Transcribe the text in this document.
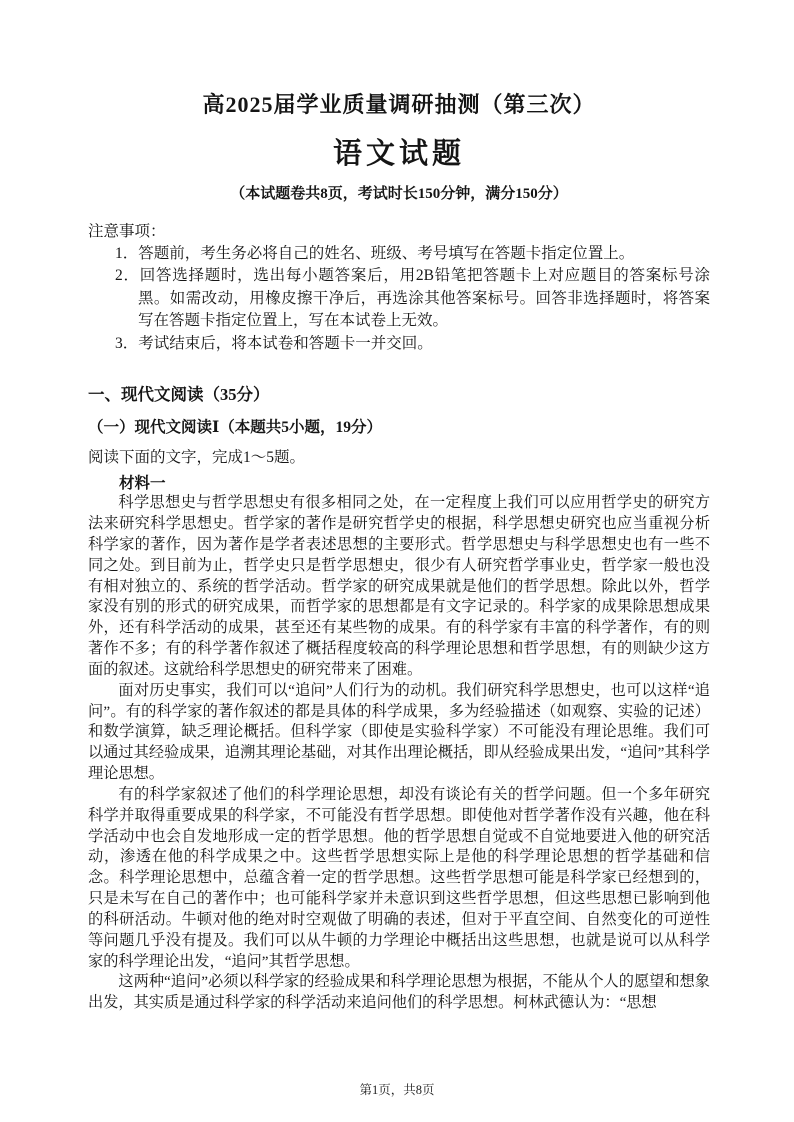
高2025届学业质量调研抽测（第三次）
语文试题
（本试题卷共8页，考试时长150分钟，满分150分）
注意事项：
1．答题前，考生务必将自己的姓名、班级、考号填写在答题卡指定位置上。
2．回答选择题时，选出每小题答案后，用2B铅笔把答题卡上对应题目的答案标号涂黑。如需改动，用橡皮擦干净后，再选涂其他答案标号。回答非选择题时，将答案写在答题卡指定位置上，写在本试卷上无效。
3．考试结束后，将本试卷和答题卡一并交回。
一、现代文阅读（35分）
（一）现代文阅读Ⅰ（本题共5小题，19分）
阅读下面的文字，完成1～5题。
材料一

科学思想史与哲学思想史有很多相同之处，在一定程度上我们可以应用哲学史的研究方法来研究科学思想史。哲学家的著作是研究哲学史的根据，科学思想史研究也应当重视分析科学家的著作，因为著作是学者表述思想的主要形式。哲学思想史与科学思想史也有一些不同之处。到目前为止，哲学史只是哲学思想史，很少有人研究哲学事业史，哲学家一般也没有相对独立的、系统的哲学活动。哲学家的研究成果就是他们的哲学思想。除此以外，哲学家没有别的形式的研究成果，而哲学家的思想都是有文字记录的。科学家的成果除思想成果外，还有科学活动的成果，甚至还有某些物的成果。有的科学家有丰富的科学著作，有的则著作不多；有的科学著作叙述了概括程度较高的科学理论思想和哲学思想，有的则缺少这方面的叙述。这就给科学思想史的研究带来了困难。

面对历史事实，我们可以“追问”人们行为的动机。我们研究科学思想史，也可以这样“追问”。有的科学家的著作叙述的都是具体的科学成果，多为经验描述（如观察、实验的记述）和数学演算，缺乏理论概括。但科学家（即使是实验科学家）不可能没有理论思维。我们可以通过其经验成果，追溯其理论基础，对其作出理论概括，即从经验成果出发，“追问”其科学理论思想。

有的科学家叙述了他们的科学理论思想，却没有谈论有关的哲学问题。但一个多年研究科学并取得重要成果的科学家，不可能没有哲学思想。即使他对哲学著作没有兴趣，他在科学活动中也会自发地形成一定的哲学思想。他的哲学思想自觉或不自觉地要进入他的研究活动，渗透在他的科学成果之中。这些哲学思想实际上是他的科学理论思想的哲学基础和信念。科学理论思想中，总蕴含着一定的哲学思想。这些哲学思想可能是科学家已经想到的，只是未写在自己的著作中；也可能科学家并未意识到这些哲学思想，但这些思想已影响到他的科研活动。牛顿对他的绝对时空观做了明确的表述，但对于平直空间、自然变化的可逆性等问题几乎没有提及。我们可以从牛顿的力学理论中概括出这些思想，也就是说可以从科学家的科学理论出发，“追问”其哲学思想。

这两种“追问”必须以科学家的经验成果和科学理论思想为根据，不能从个人的愿望和想象出发，其实质是通过科学家的科学活动来追问他们的科学思想。柯林武德认为：“思想

第1页，共8页
